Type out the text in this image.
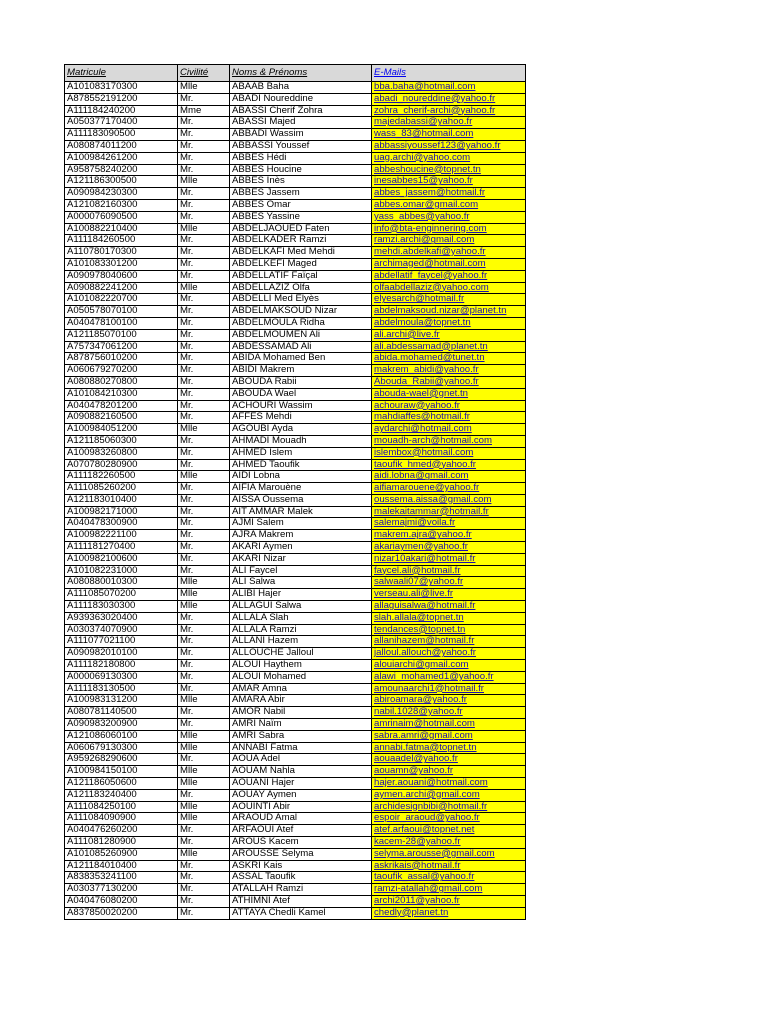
Matricule	Civilité	Noms & Prénoms	E-Mails
A101083170300	Mlle	ABAAB Baha	bba.baha@hotmail.com
A878552191200	Mr.	ABADI Noureddine	abadi_noureddine@yahoo.fr
A111184240200	Mme	ABASSI Cherif Zohra	zohra_cherif-archi@yahoo.fr
A050377170400	Mr.	ABASSI Majed	majedabassi@yahoo.fr
A111183090500	Mr.	ABBADI Wassim	wass_83@hotmail.com
A080874011200	Mr.	ABBASSI Youssef	abbassiyoussef123@yahoo.fr
A100984261200	Mr.	ABBES Hédi	uag.archi@yahoo.com
A958758240200	Mr.	ABBES Houcine	abbeshoucine@topnet.tn
A121186300500	Mlle	ABBES Inès	inesabbes15@yahoo.fr
A090984230300	Mr.	ABBES Jassem	abbes_jassem@hotmail.fr
A121082160300	Mr.	ABBES Omar	abbes.omar@gmail.com
A000076090500	Mr.	ABBES Yassine	yass_abbes@yahoo.fr
A100882210400	Mlle	ABDELJAOUED Faten	info@bta-enginnering.com
A111184260500	Mr.	ABDELKADER Ramzi	ramzi.archi@gmail.com
A110780170300	Mr.	ABDELKAFI Med Mehdi	mehdi.abdelkafi@yahoo.fr
A101083301200	Mr.	ABDELKEFI Maged	archimaged@hotmail.com
A090978040600	Mr.	ABDELLATIF Faïçal	abdellatif_faycel@yahoo.fr
A090882241200	Mlle	ABDELLAZIZ Olfa	olfaabdellaziz@yahoo.com
A101082220700	Mr.	ABDELLI Med Elyès	elyesarch@hotmail.fr
A050578070100	Mr.	ABDELMAKSOUD Nizar	abdelmaksoud.nizar@planet.tn
A040478100100	Mr.	ABDELMOULA Ridha	abdelmoula@topnet.tn
A121185070100	Mr.	ABDELMOUMEN Ali	ali.archi@live.fr
A757347061200	Mr.	ABDESSAMAD Ali	ali.abdessamad@planet.tn
A878756010200	Mr.	ABIDA Mohamed Ben	abida.mohamed@tunet.tn
A060679270200	Mr.	ABIDI Makrem	makrem_abidi@yahoo.fr
A080880270800	Mr.	ABOUDA Rabii	Abouda_Rabii@yahoo.fr
A101084210300	Mr.	ABOUDA Wael	abouda-wael@gnet.tn
A040478201200	Mr.	ACHOURI Wassim	achouraw@yahoo.fr
A090882160500	Mr.	AFFES Mehdi	mahdiaffes@hotmail.fr
A100984051200	Mlle	AGOUBI Ayda	aydarchi@hotmail.com
A121185060300	Mr.	AHMADI Mouadh	mouadh-arch@hotmail.com
A100983260800	Mr.	AHMED Islem	islembox@hotmail.com
A070780280900	Mr.	AHMED Taoufik	taoufik_hmed@yahoo.fr
A111182260500	Mlle	AIDI Lobna	aidi.lobna@gmail.com
A111085260200	Mr.	AIFIA Marouène	aifiamarouene@yahoo.fr
A121183010400	Mr.	AISSA Oussema	oussema.aissa@gmail.com
A100982171000	Mr.	AIT AMMAR Malek	malekaitammar@hotmail.fr
A040478300900	Mr.	AJMI Salem	salemajmi@voila.fr
A100982221100	Mr.	AJRA Makrem	makrem.ajra@yahoo.fr
A111181270400	Mr.	AKARI Aymen	akariaymen@yahoo.fr
A100982100600	Mr.	AKARI Nizar	nizar10akari@hotmail.fr
A101082231000	Mr.	ALI Faycel	faycel.ali@hotmail.fr
A080880010300	Mlle	ALI Salwa	salwaali07@yahoo.fr
A111085070200	Mlle	ALIBI Hajer	verseau.ali@live.fr
A111183030300	Mlle	ALLAGUI Salwa	allaguisalwa@hotmail.fr
A939363020400	Mr.	ALLALA Slah	slah.allala@topnet.tn
A030374070900	Mr.	ALLALA Ramzi	tendances@topnet.tn
A111077021100	Mr.	ALLANI Hazem	allanihazem@hotmail.fr
A090982010100	Mr.	ALLOUCHE Jalloul	jalloul.allouch@yahoo.fr
A111182180800	Mr.	ALOUI Haythem	alouiarchi@gmail.com
A000069130300	Mr.	ALOUI Mohamed	alawi_mohamed1@yahoo.fr
A111183130500	Mr.	AMAR Amna	amounaarchi1@hotmail.fr
A100983131200	Mlle	AMARA Abir	abiroamara@yahoo.fr
A080781140500	Mr.	AMOR Nabil	nabil.1028@yahoo.fr
A090983200900	Mr.	AMRI Naïm	amrinaim@hotmail.com
A121086060100	Mlle	AMRI Sabra	sabra.amri@gmail.com
A060679130300	Mlle	ANNABI Fatma	annabi.fatma@topnet.tn
A959268290600	Mr.	AOUA Adel	aouaadel@yahoo.fr
A100984150100	Mlle	AOUAM Nahla	aouamn@yahoo.fr
A121186050600	Mlle	AOUANI Hajer	hajer.aouani@hotmail.com
A121183240400	Mr.	AOUAY Aymen	aymen.archi@gmail.com
A111084250100	Mlle	AOUINTI Abir	archidesignbibi@hotmail.fr
A111084090900	Mlle	ARAOUD Amal	espoir_araoud@yahoo.fr
A040476260200	Mr.	ARFAOUI Atef	atef.arfaoui@topnet.net
A111081280900	Mr.	AROUS Kacem	kacem-28@yahoo.fr
A101085260900	Mlle	AROUSSE Selyma	selyma.arousse@gmail.com
A121184010400	Mr.	ASKRI Kais	askrikais@hotmail.fr
A838353241100	Mr.	ASSAL Taoufik	taoufik_assal@yahoo.fr
A030377130200	Mr.	ATALLAH Ramzi	ramzi-atallah@gmail.com
A040476080200	Mr.	ATHIMNI Atef	archi2011@yahoo.fr
A837850020200	Mr.	ATTAYA Chedli Kamel	chedly@planet.tn
